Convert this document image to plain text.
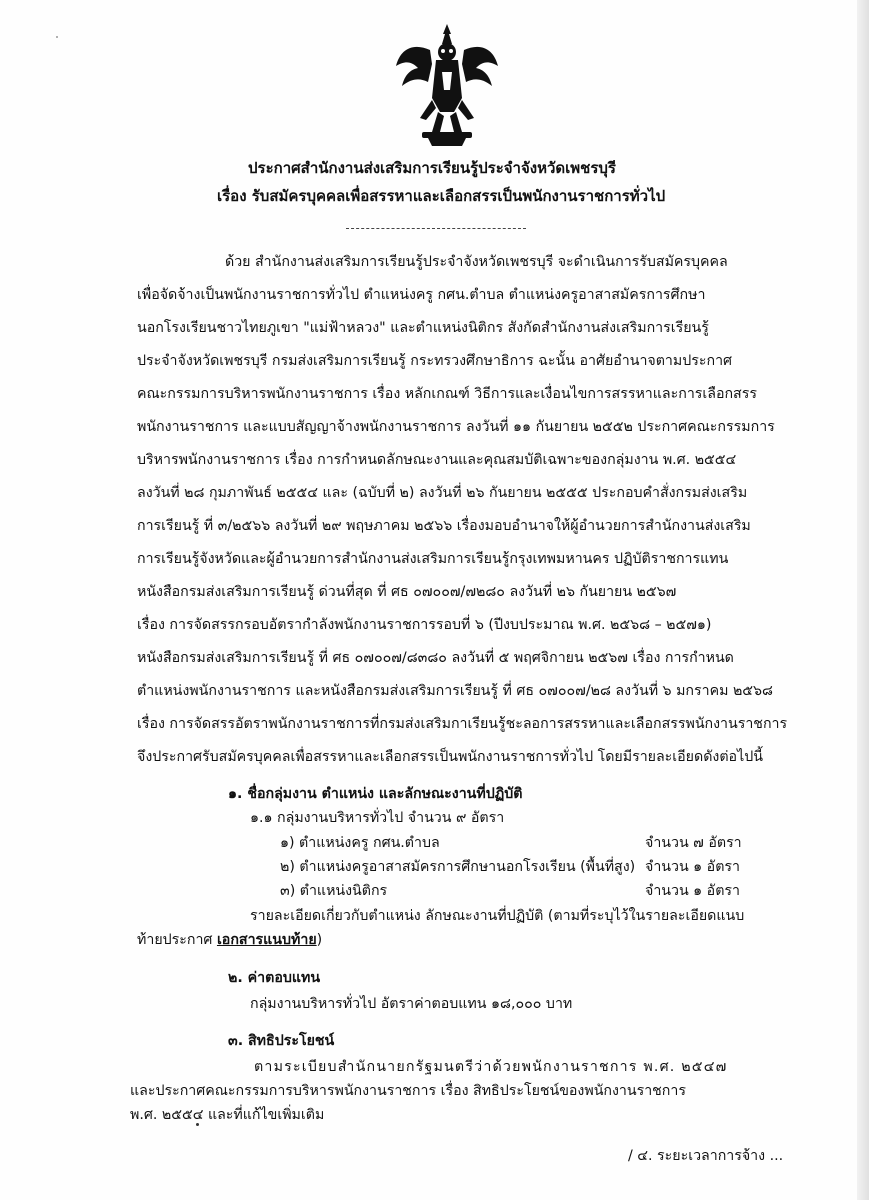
ประกาศสำนักงานส่งเสริมการเรียนรู้ประจำจังหวัดเพชรบุรี
เรื่อง รับสมัครบุคคลเพื่อสรรหาและเลือกสรรเป็นพนักงานราชการทั่วไป
ด้วย สำนักงานส่งเสริมการเรียนรู้ประจำจังหวัดเพชรบุรี จะดำเนินการรับสมัครบุคคล
เพื่อจัดจ้างเป็นพนักงานราชการทั่วไป ตำแหน่งครู กศน.ตำบล ตำแหน่งครูอาสาสมัครการศึกษา
นอกโรงเรียนชาวไทยภูเขา "แม่ฟ้าหลวง" และตำแหน่งนิติกร สังกัดสำนักงานส่งเสริมการเรียนรู้
ประจำจังหวัดเพชรบุรี กรมส่งเสริมการเรียนรู้ กระทรวงศึกษาธิการ ฉะนั้น อาศัยอำนาจตามประกาศ
คณะกรรมการบริหารพนักงานราชการ เรื่อง หลักเกณฑ์ วิธีการและเงื่อนไขการสรรหาและการเลือกสรร
พนักงานราชการ และแบบสัญญาจ้างพนักงานราชการ ลงวันที่ ๑๑ กันยายน ๒๕๕๒ ประกาศคณะกรรมการ
บริหารพนักงานราชการ เรื่อง การกำหนดลักษณะงานและคุณสมบัติเฉพาะของกลุ่มงาน พ.ศ. ๒๕๕๔
ลงวันที่ ๒๘ กุมภาพันธ์ ๒๕๕๔ และ (ฉบับที่ ๒) ลงวันที่ ๒๖ กันยายน ๒๕๕๕ ประกอบคำสั่งกรมส่งเสริม
การเรียนรู้ ที่ ๓/๒๕๖๖ ลงวันที่ ๒๙ พฤษภาคม ๒๕๖๖ เรื่องมอบอำนาจให้ผู้อำนวยการสำนักงานส่งเสริม
การเรียนรู้จังหวัดและผู้อำนวยการสำนักงานส่งเสริมการเรียนรู้กรุงเทพมหานคร ปฏิบัติราชการแทน
หนังสือกรมส่งเสริมการเรียนรู้ ด่วนที่สุด ที่ ศธ ๐๗๐๐๗/๗๒๘๐ ลงวันที่ ๒๖ กันยายน ๒๕๖๗
เรื่อง การจัดสรรกรอบอัตรากำลังพนักงานราชการรอบที่ ๖ (ปีงบประมาณ พ.ศ. ๒๕๖๘ – ๒๕๗๑)
หนังสือกรมส่งเสริมการเรียนรู้ ที่ ศธ ๐๗๐๐๗/๘๓๘๐ ลงวันที่ ๕ พฤศจิกายน ๒๕๖๗ เรื่อง การกำหนด
ตำแหน่งพนักงานราชการ และหนังสือกรมส่งเสริมการเรียนรู้ ที่ ศธ ๐๗๐๐๗/๒๘ ลงวันที่ ๖ มกราคม ๒๕๖๘
เรื่อง การจัดสรรอัตราพนักงานราชการที่กรมส่งเสริมกาเรียนรู้ชะลอการสรรหาและเลือกสรรพนักงานราชการ
จึงประกาศรับสมัครบุคคลเพื่อสรรหาและเลือกสรรเป็นพนักงานราชการทั่วไป โดยมีรายละเอียดดังต่อไปนี้
๑. ชื่อกลุ่มงาน ตำแหน่ง และลักษณะงานที่ปฏิบัติ
๑.๑ กลุ่มงานบริหารทั่วไป จำนวน ๙ อัตรา
๑) ตำแหน่งครู กศน.ตำบล	จำนวน ๗ อัตรา
๒) ตำแหน่งครูอาสาสมัครการศึกษานอกโรงเรียน (พื้นที่สูง) จำนวน ๑ อัตรา
๓) ตำแหน่งนิติกร	จำนวน ๑ อัตรา
รายละเอียดเกี่ยวกับตำแหน่ง ลักษณะงานที่ปฏิบัติ (ตามที่ระบุไว้ในรายละเอียดแนบ
ท้ายประกาศ เอกสารแนบท้าย)
๒. ค่าตอบแทน
กลุ่มงานบริหารทั่วไป อัตราค่าตอบแทน ๑๘,๐๐๐ บาท
๓. สิทธิประโยชน์
ตามระเบียบสำนักนายกรัฐมนตรีว่าด้วยพนักงานราชการ พ.ศ. ๒๕๔๗
และประกาศคณะกรรมการบริหารพนักงานราชการ เรื่อง สิทธิประโยชน์ของพนักงานราชการ
พ.ศ. ๒๕๕๔ และที่แก้ไขเพิ่มเติม
/ ๔. ระยะเวลาการจ้าง ...
